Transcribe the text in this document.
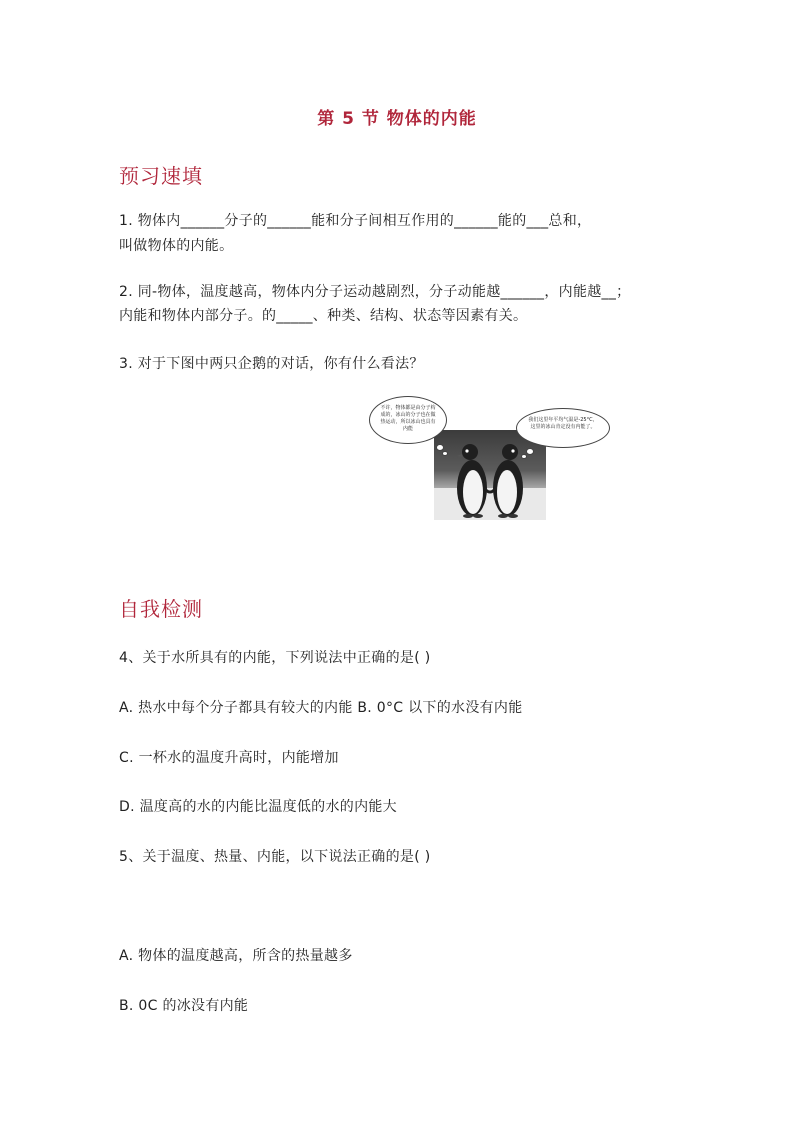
第 5 节 物体的内能
预习速填
1. 物体内______分子的______能和分子间相互作用的______能的___总和，
叫做物体的内能。
2. 同-物体，温度越高，物体内分子运动越剧烈，分子动能越______，内能越__；
内能和物体内部分子。的_____、种类、结构、状态等因素有关。
3. 对于下图中两只企鹅的对话，你有什么看法？
不许，物体都是由分子构成的，冰山的分子也在做热运动，所以冰山也具有内能
我们这里年平均气温是-25°C，这里的冰山肯定没有内能了。
自我检测
4、关于水所具有的内能，下列说法中正确的是( )
A. 热水中每个分子都具有较大的内能 B. 0°C 以下的水没有内能
C. 一杯水的温度升高时，内能增加
D. 温度高的水的内能比温度低的水的内能大
5、关于温度、热量、内能，以下说法正确的是( )
A. 物体的温度越高，所含的热量越多
B. 0C 的冰没有内能
